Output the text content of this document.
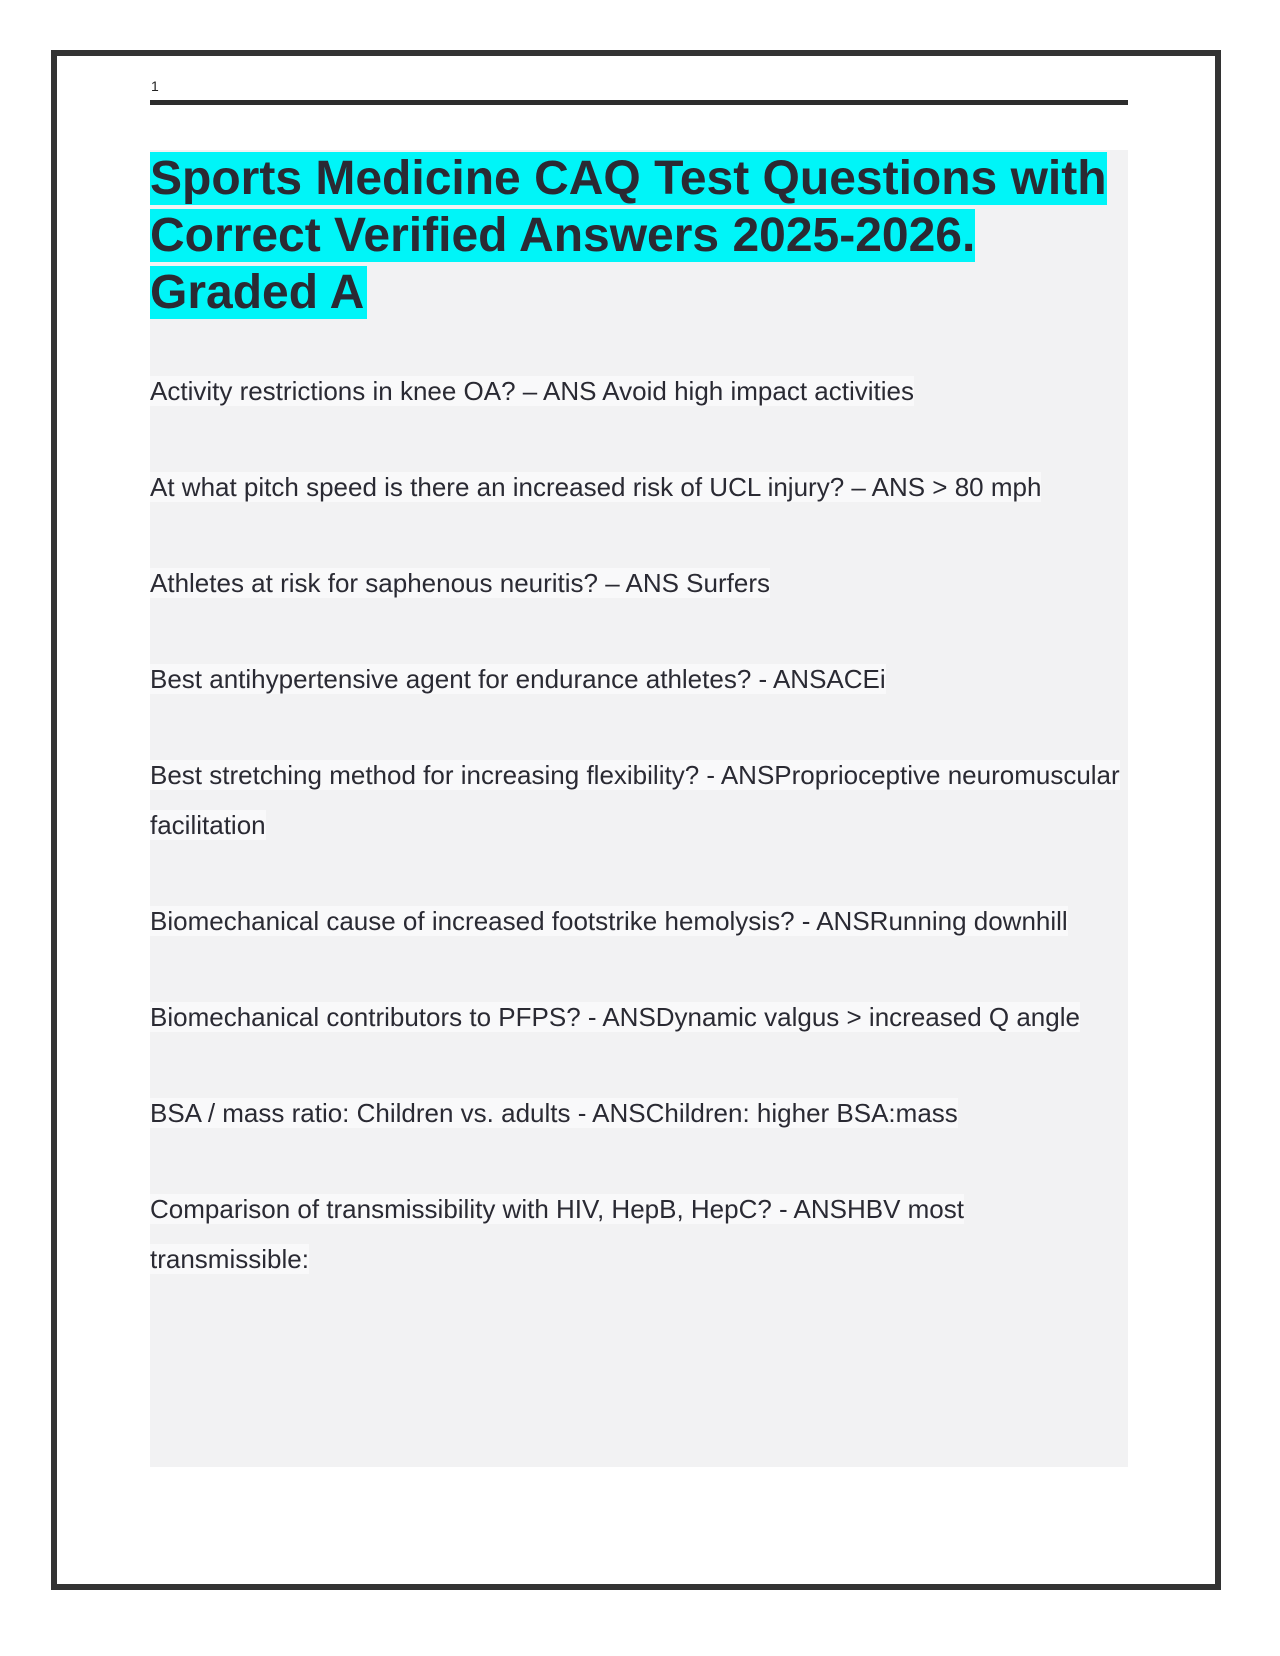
1
Sports Medicine CAQ Test Questions with Correct Verified Answers 2025-2026. Graded A
Activity restrictions in knee OA? – ANS Avoid high impact activities
At what pitch speed is there an increased risk of UCL injury? – ANS > 80 mph
Athletes at risk for saphenous neuritis? – ANS Surfers
Best antihypertensive agent for endurance athletes? - ANSACEi
Best stretching method for increasing flexibility? - ANSProprioceptive neuromuscular facilitation
Biomechanical cause of increased footstrike hemolysis? - ANSRunning downhill
Biomechanical contributors to PFPS? - ANSDynamic valgus > increased Q angle
BSA / mass ratio: Children vs. adults - ANSChildren: higher BSA:mass
Comparison of transmissibility with HIV, HepB, HepC? - ANSHBV most transmissible:
